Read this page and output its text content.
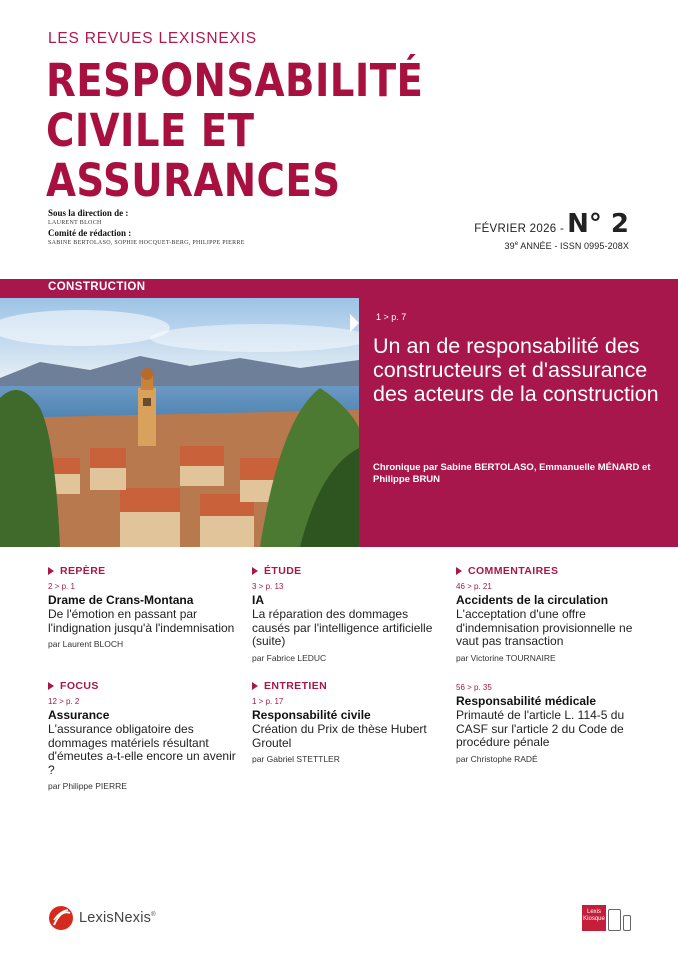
LES REVUES LEXISNEXIS
RESPONSABILITÉ
CIVILE ET
ASSURANCES
Sous la direction de :
LAURENT BLOCH
Comité de rédaction :
SABINE BERTOLASO, SOPHIE HOCQUET-BERG, PHILIPPE PIERRE
FÉVRIER 2026 - N° 2
39e ANNÉE - ISSN 0995-208X
CONSTRUCTION
1 > p. 7
Un an de responsabilité des constructeurs et d'assurance des acteurs de la construction
Chronique par Sabine BERTOLASO, Emmanuelle MÉNARD et Philippe BRUN
REPÈRE
2 > p. 1
Drame de Crans-Montana
De l'émotion en passant par l'indignation jusqu'à l'indemnisation
par Laurent BLOCH
ÉTUDE
3 > p. 13
IA
La réparation des dommages causés par l'intelligence artificielle (suite)
par Fabrice LEDUC
COMMENTAIRES
46 > p. 21
Accidents de la circulation
L'acceptation d'une offre d'indemnisation provisionnelle ne vaut pas transaction
par Victorine TOURNAIRE
FOCUS
12 > p. 2
Assurance
L'assurance obligatoire des dommages matériels résultant d'émeutes a-t-elle encore un avenir ?
par Philippe PIERRE
ENTRETIEN
1 > p. 17
Responsabilité civile
Création du Prix de thèse Hubert Groutel
par Gabriel STETTLER
56 > p. 35
Responsabilité médicale
Primauté de l'article L. 114-5 du CASF sur l'article 2 du Code de procédure pénale
par Christophe RADÉ
LexisNexis®
Lexis
Kiosque
